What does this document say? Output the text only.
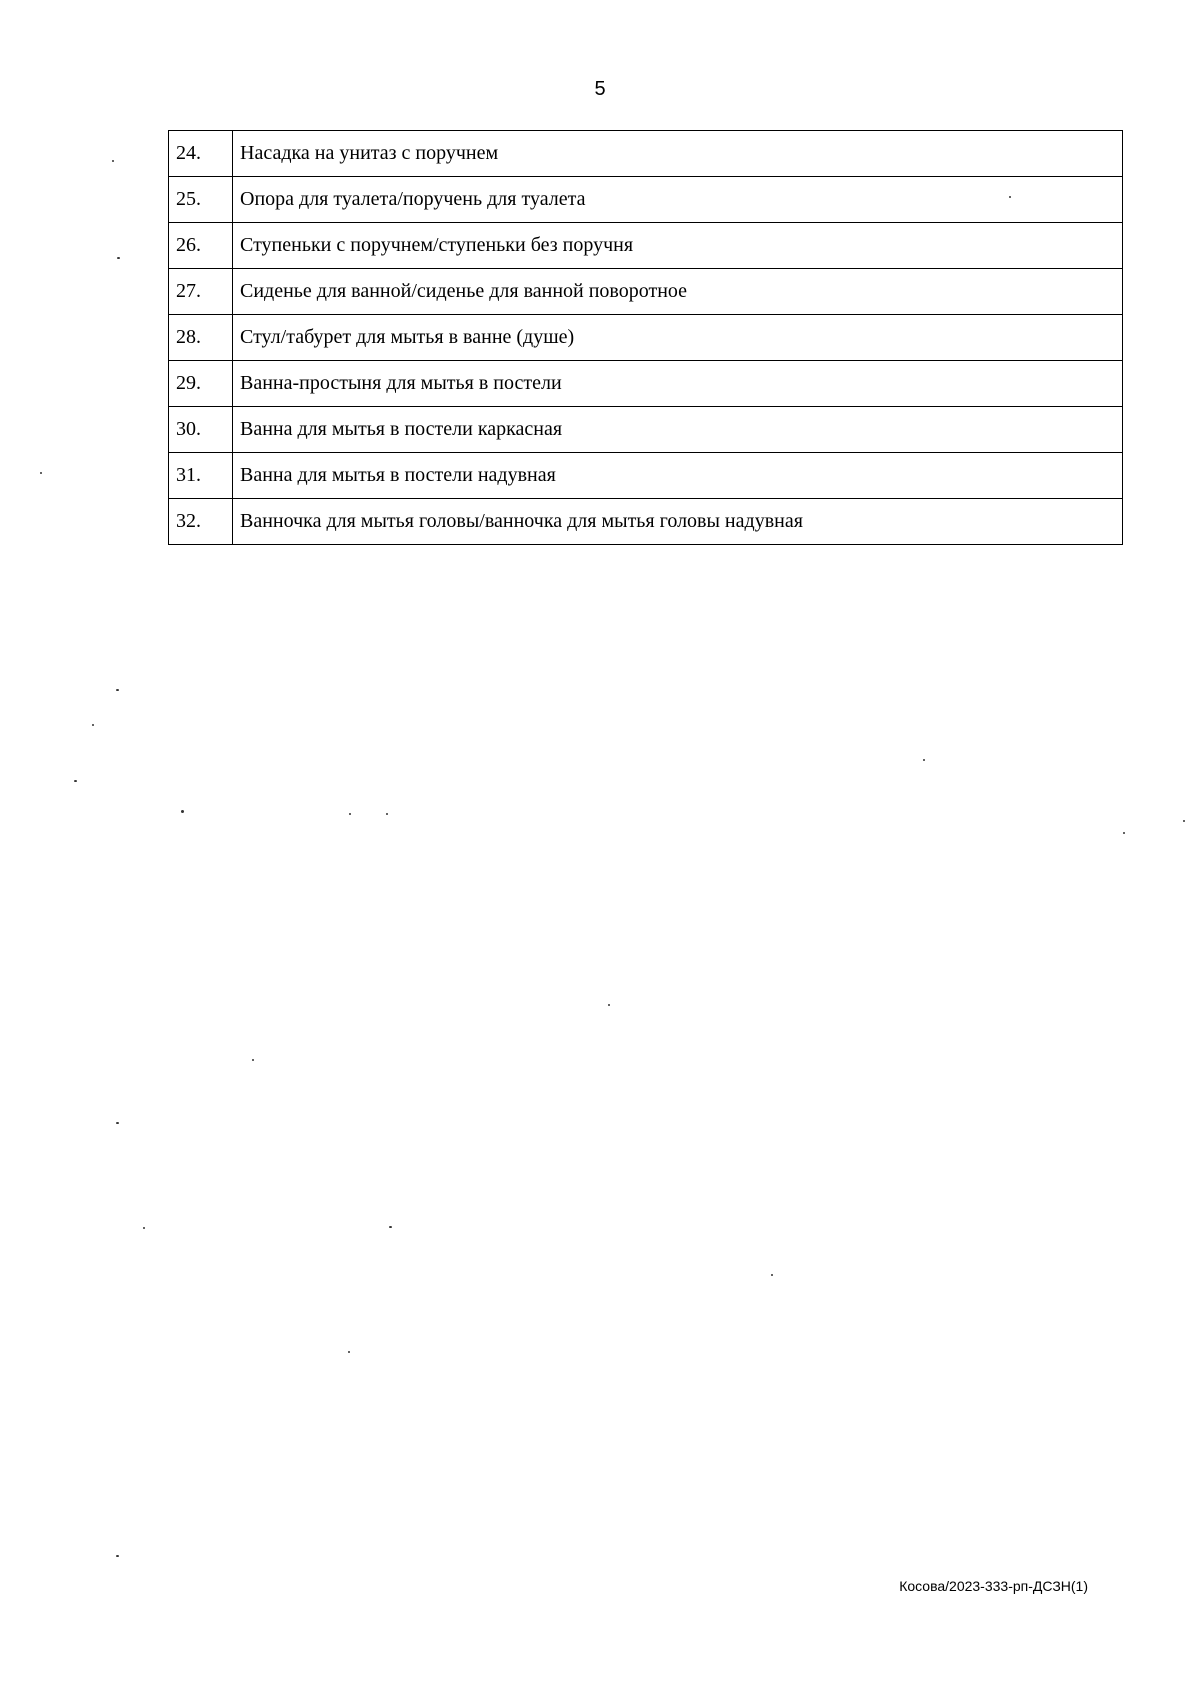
5
24.	Насадка на унитаз с поручнем
25.	Опора для туалета/поручень для туалета
26.	Ступеньки с поручнем/ступеньки без поручня
27.	Сиденье для ванной/сиденье для ванной поворотное
28.	Стул/табурет для мытья в ванне (душе)
29.	Ванна-простыня для мытья в постели
30.	Ванна для мытья в постели каркасная
31.	Ванна для мытья в постели надувная
32.	Ванночка для мытья головы/ванночка для мытья головы надувная
Косова/2023-333-рп-ДСЗН(1)
